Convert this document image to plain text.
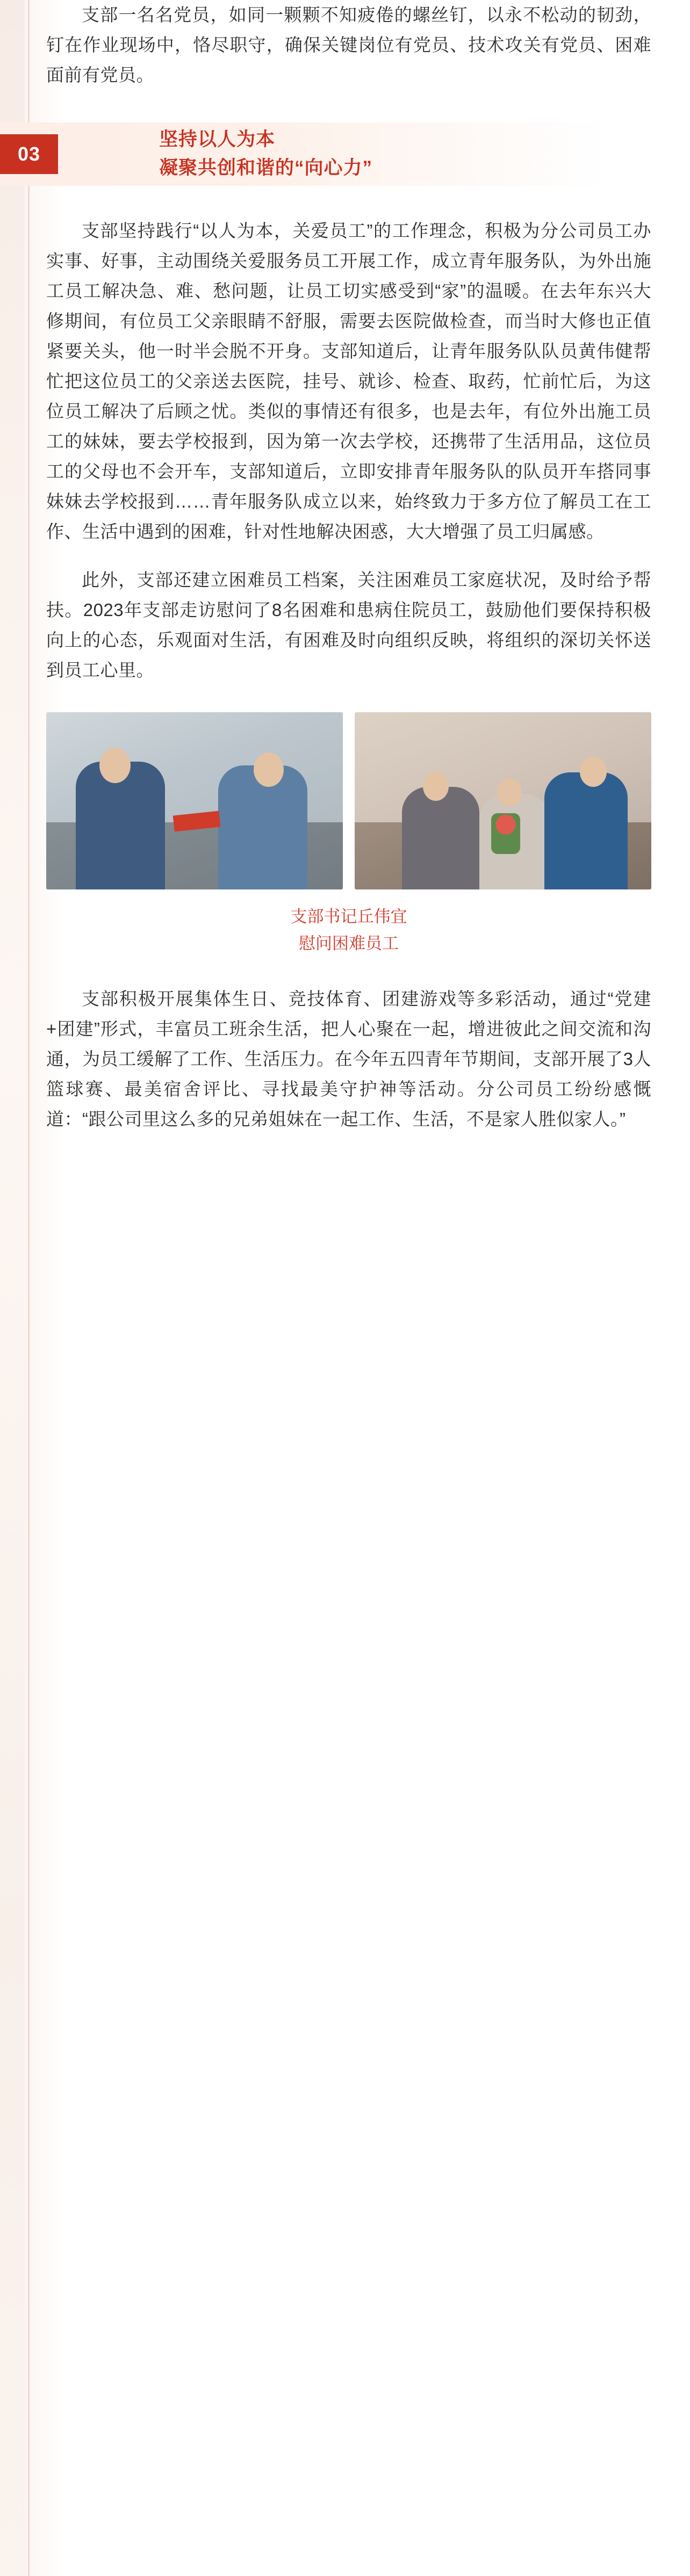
支部一名名党员，如同一颗颗不知疲倦的螺丝钉，以永不松动的韧劲，钉在作业现场中，恪尽职守，确保关键岗位有党员、技术攻关有党员、困难面前有党员。

03
坚持以人为本
凝聚共创和谐的“向心力”

支部坚持践行“以人为本，关爱员工”的工作理念，积极为分公司员工办实事、好事，主动围绕关爱服务员工开展工作，成立青年服务队，为外出施工员工解决急、难、愁问题，让员工切实感受到“家”的温暖。在去年东兴大修期间，有位员工父亲眼睛不舒服，需要去医院做检查，而当时大修也正值紧要关头，他一时半会脱不开身。支部知道后，让青年服务队队员黄伟健帮忙把这位员工的父亲送去医院，挂号、就诊、检查、取药，忙前忙后，为这位员工解决了后顾之忧。类似的事情还有很多，也是去年，有位外出施工员工的妹妹，要去学校报到，因为第一次去学校，还携带了生活用品，这位员工的父母也不会开车，支部知道后，立即安排青年服务队的队员开车搭同事妹妹去学校报到……青年服务队成立以来，始终致力于多方位了解员工在工作、生活中遇到的困难，针对性地解决困惑，大大增强了员工归属感。

此外，支部还建立困难员工档案，关注困难员工家庭状况，及时给予帮扶。2023年支部走访慰问了8名困难和患病住院员工，鼓励他们要保持积极向上的心态，乐观面对生活，有困难及时向组织反映，将组织的深切关怀送到员工心里。

支部书记丘伟宜
慰问困难员工

支部积极开展集体生日、竞技体育、团建游戏等多彩活动，通过“党建+团建”形式，丰富员工班余生活，把人心聚在一起，增进彼此之间交流和沟通，为员工缓解了工作、生活压力。在今年五四青年节期间，支部开展了3人篮球赛、最美宿舍评比、寻找最美守护神等活动。分公司员工纷纷感慨道：“跟公司里这么多的兄弟姐妹在一起工作、生活，不是家人胜似家人。”
